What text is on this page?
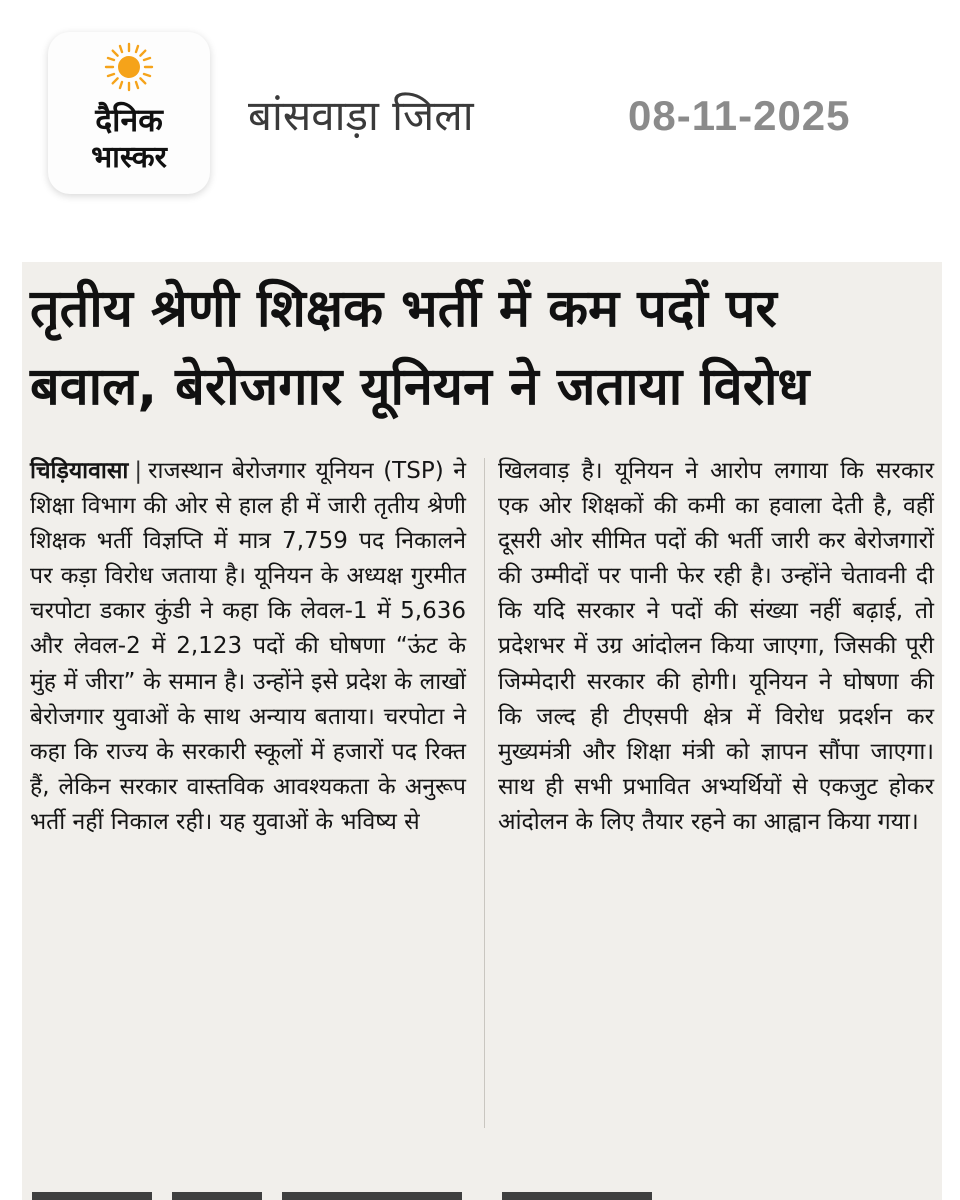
दैनिक
भास्कर
बांसवाड़ा जिला	08-11-2025
तृतीय श्रेणी शिक्षक भर्ती में कम पदों पर
बवाल, बेरोजगार यूनियन ने जताया विरोध

चिड़ियावासा | राजस्थान बेरोजगार यूनियन (TSP) ने शिक्षा विभाग की ओर से हाल ही में जारी तृतीय श्रेणी शिक्षक भर्ती विज्ञप्ति में मात्र 7,759 पद निकालने पर कड़ा विरोध जताया है। यूनियन के अध्यक्ष गुरमीत चरपोटा डकार कुंडी ने कहा कि लेवल-1 में 5,636 और लेवल-2 में 2,123 पदों की घोषणा “ऊंट के मुंह में जीरा” के समान है। उन्होंने इसे प्रदेश के लाखों बेरोजगार युवाओं के साथ अन्याय बताया। चरपोटा ने कहा कि राज्य के सरकारी स्कूलों में हजारों पद रिक्त हैं, लेकिन सरकार वास्तविक आवश्यकता के अनुरूप भर्ती नहीं निकाल रही। यह युवाओं के भविष्य से

खिलवाड़ है। यूनियन ने आरोप लगाया कि सरकार एक ओर शिक्षकों की कमी का हवाला देती है, वहीं दूसरी ओर सीमित पदों की भर्ती जारी कर बेरोजगारों की उम्मीदों पर पानी फेर रही है। उन्होंने चेतावनी दी कि यदि सरकार ने पदों की संख्या नहीं बढ़ाई, तो प्रदेशभर में उग्र आंदोलन किया जाएगा, जिसकी पूरी जिम्मेदारी सरकार की होगी। यूनियन ने घोषणा की कि जल्द ही टीएसपी क्षेत्र में विरोध प्रदर्शन कर मुख्यमंत्री और शिक्षा मंत्री को ज्ञापन सौंपा जाएगा। साथ ही सभी प्रभावित अभ्यर्थियों से एकजुट होकर आंदोलन के लिए तैयार रहने का आह्वान किया गया।
